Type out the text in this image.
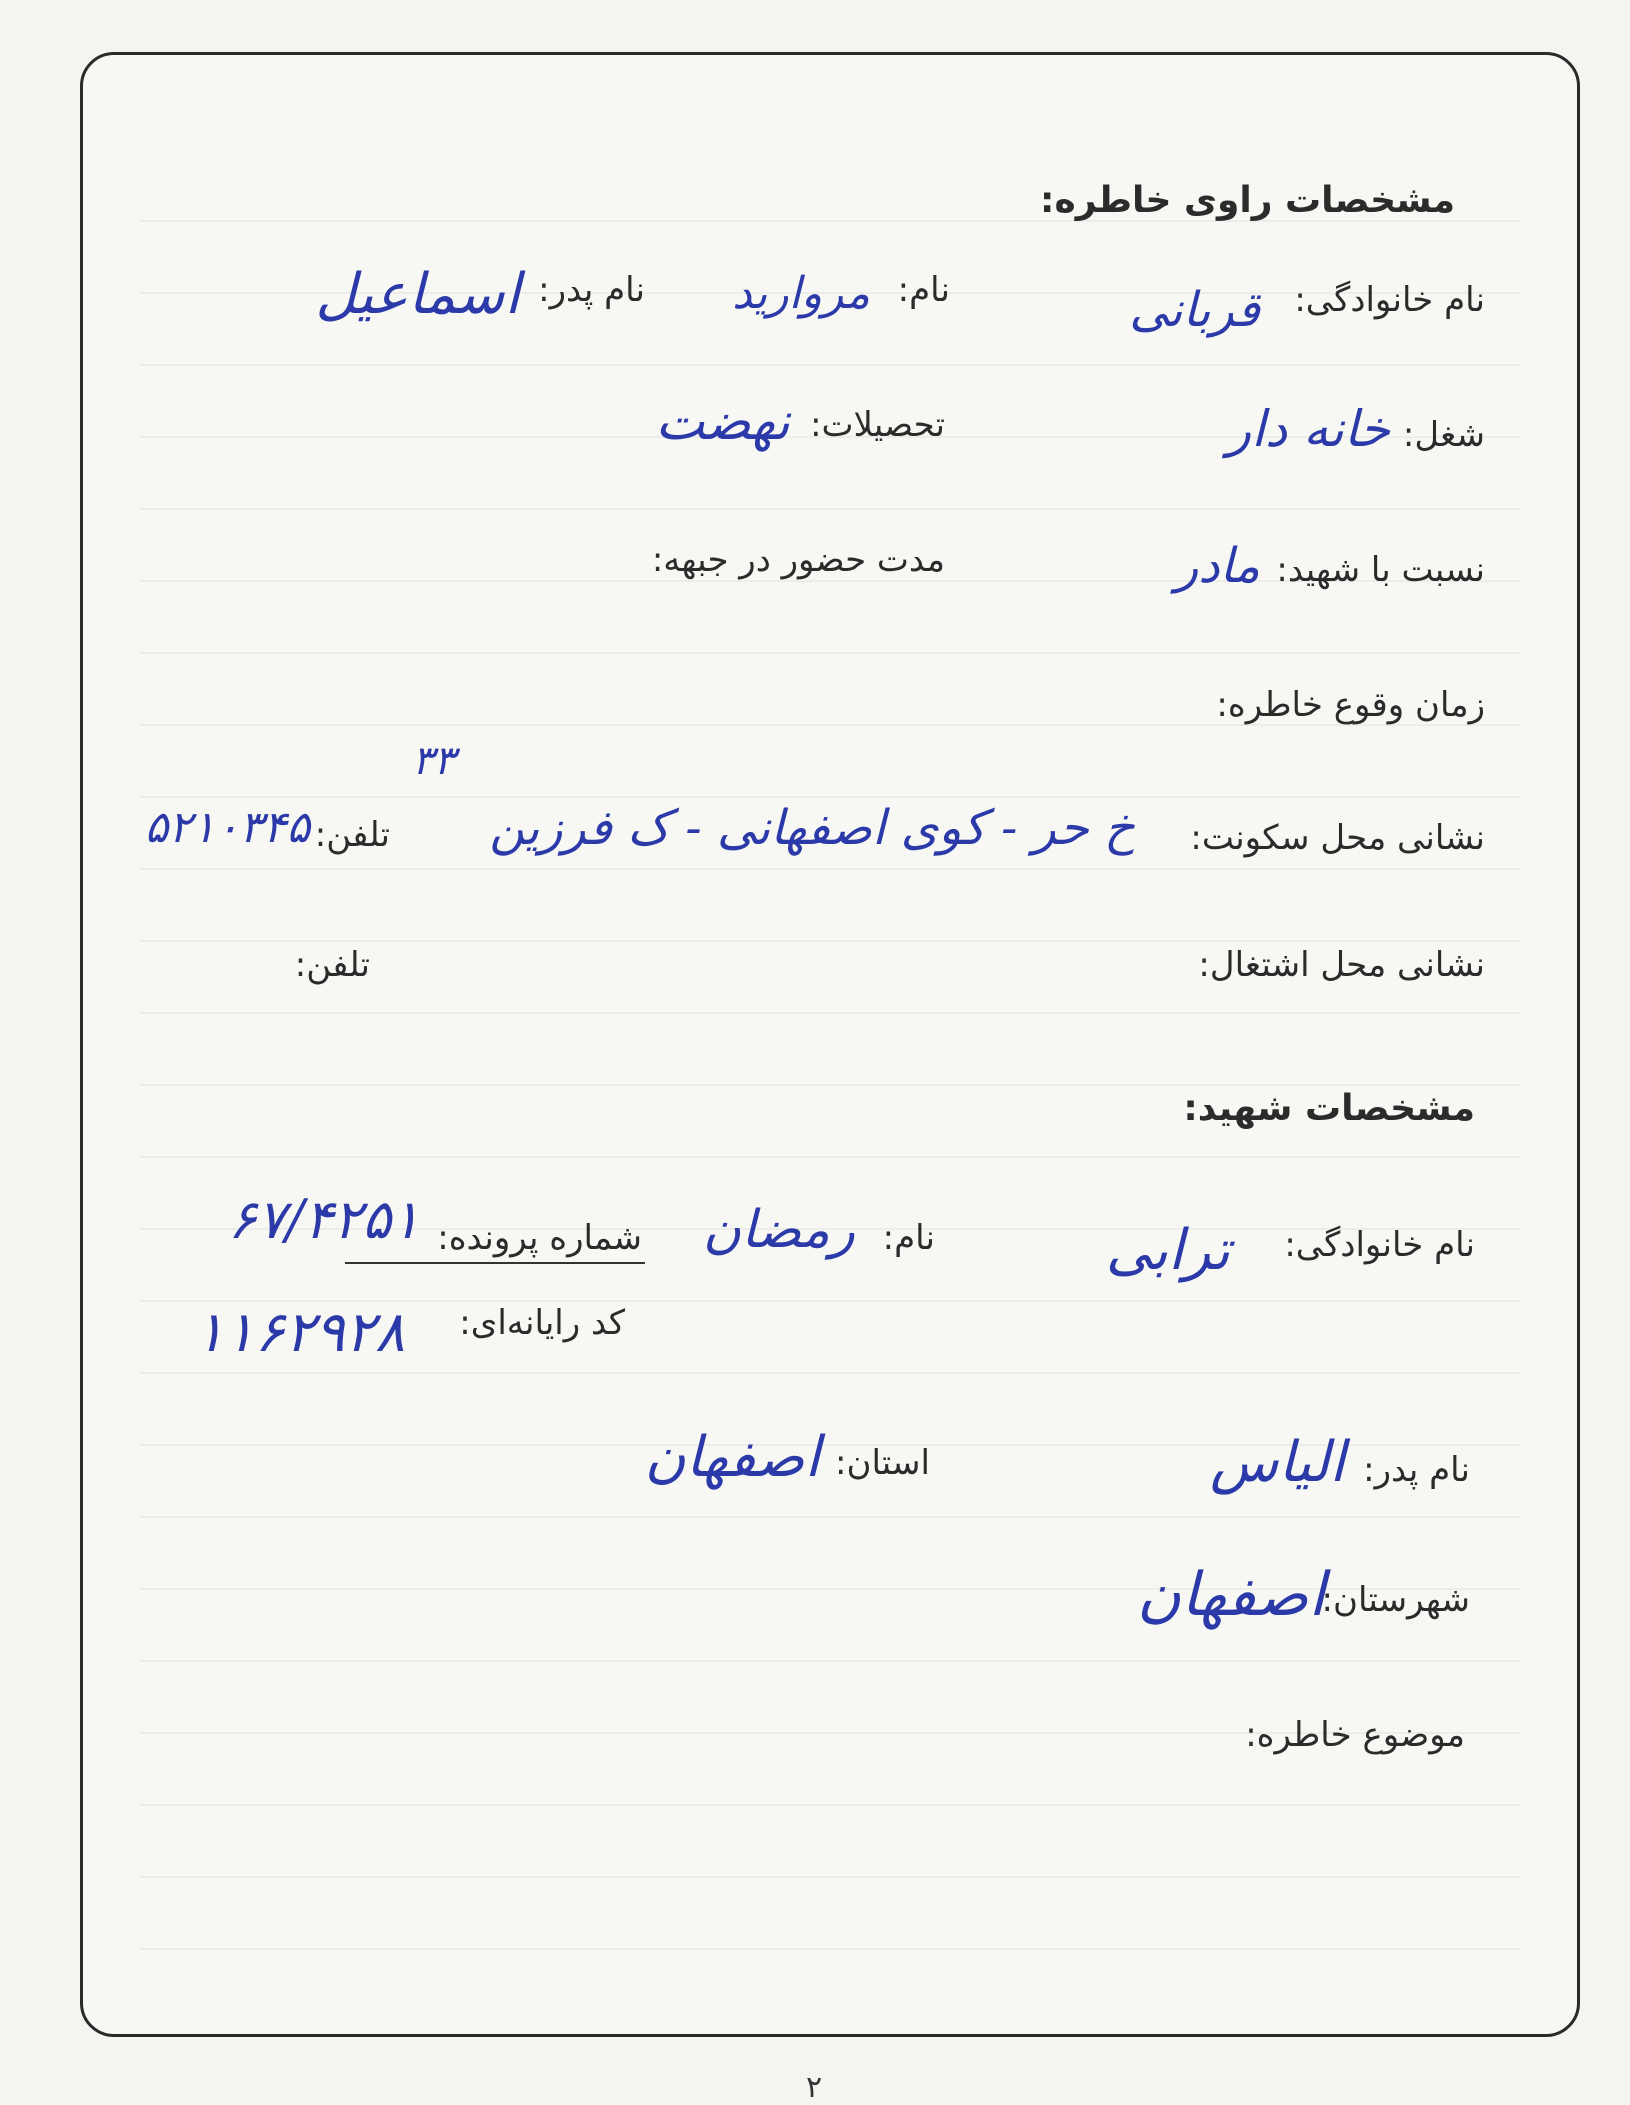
مشخصات راوی خاطره:
نام خانوادگی:
قربانی
نام:
مروارید
نام پدر:
اسماعیل
شغل:
خانه دار
تحصیلات:
نهضت
نسبت با شهید:
مادر
مدت حضور در جبهه:
زمان وقوع خاطره:
نشانی محل سکونت:
خ حر - کوی اصفهانی - ک فرزین
۳۳
تلفن:
۵۲۱۰۳۴۵
نشانی محل اشتغال:
تلفن:
مشخصات شهید:
نام خانوادگی:
ترابی
نام:
رمضان
شماره پرونده:
۶۷/۴۲۵۱
کد رایانه‌ای:
۱۱۶۲۹۲۸
نام پدر:
الیاس
استان:
اصفهان
شهرستان:
اصفهان
موضوع خاطره:
۲
